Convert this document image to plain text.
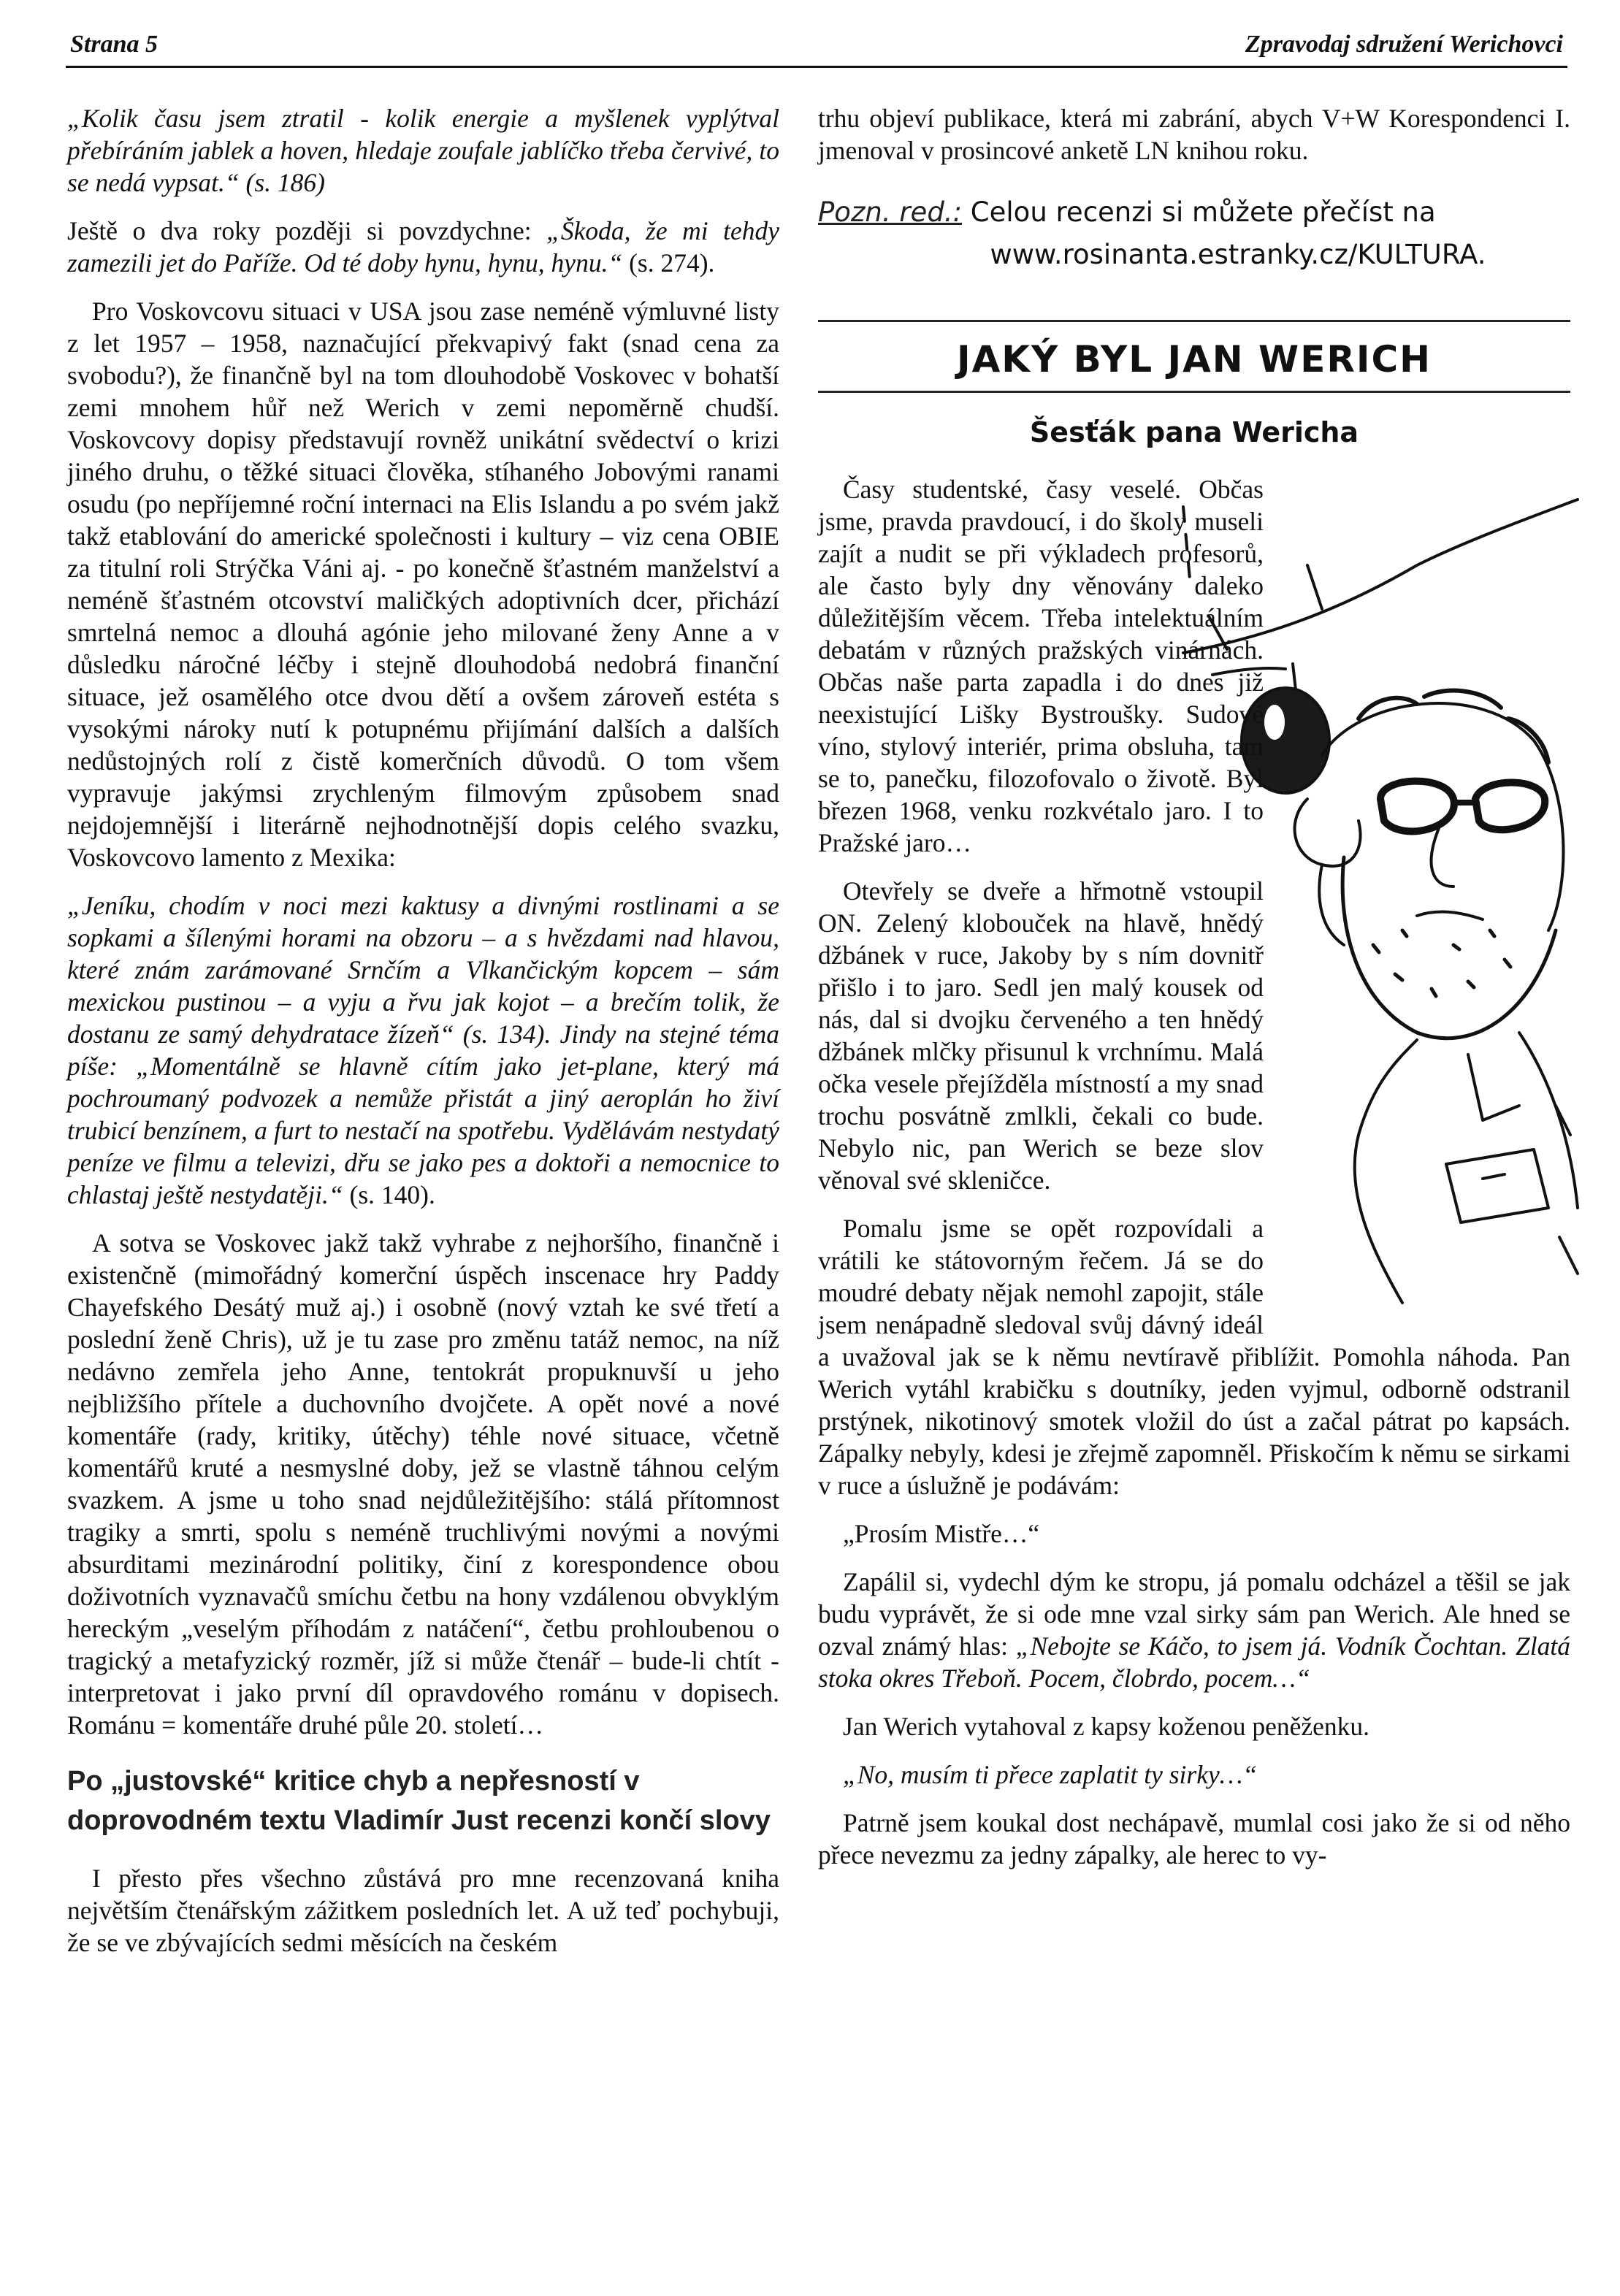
Strana 5	Zpravodaj sdružení Werichovci

„Kolik času jsem ztratil - kolik energie a myšlenek vyplýtval přebíráním jablek a hoven, hledaje zoufale jablíčko třeba červivé, to se nedá vypsat.“ (s. 186)

Ještě o dva roky později si povzdychne: „Škoda, že mi tehdy zamezili jet do Paříže. Od té doby hynu, hynu, hynu.“ (s. 274).

Pro Voskovcovu situaci v USA jsou zase neméně výmluvné listy z let 1957 – 1958, naznačující překvapivý fakt (snad cena za svobodu?), že finančně byl na tom dlouhodobě Voskovec v bohatší zemi mnohem hůř než Werich v zemi nepoměrně chudší. Voskovcovy dopisy představují rovněž unikátní svědectví o krizi jiného druhu, o těžké situaci člověka, stíhaného Jobovými ranami osudu (po nepříjemné roční internaci na Elis Islandu a po svém jakž takž etablování do americké společnosti i kultury – viz cena OBIE za titulní roli Strýčka Váni aj. - po konečně šťastném manželství a neméně šťastném otcovství maličkých adoptivních dcer, přichází smrtelná nemoc a dlouhá agónie jeho milované ženy Anne a v důsledku náročné léčby i stejně dlouhodobá nedobrá finanční situace, jež osamělého otce dvou dětí a ovšem zároveň estéta s vysokými nároky nutí k potupnému přijímání dalších a dalších nedůstojných rolí z čistě komerčních důvodů. O tom všem vypravuje jakýmsi zrychleným filmovým způsobem snad nejdojemnější i literárně nejhodnotnější dopis celého svazku, Voskovcovo lamento z Mexika:

„Jeníku, chodím v noci mezi kaktusy a divnými rostlinami a se sopkami a šílenými horami na obzoru – a s hvězdami nad hlavou, které znám zarámované Srnčím a Vlkančickým kopcem – sám mexickou pustinou – a vyju a řvu jak kojot – a brečím tolik, že dostanu ze samý dehydratace žízeň“ (s. 134). Jindy na stejné téma píše: „Momentálně se hlavně cítím jako jet-plane, který má pochroumaný podvozek a nemůže přistát a jiný aeroplán ho živí trubicí benzínem, a furt to nestačí na spotřebu. Vydělávám nestydatý peníze ve filmu a televizi, dřu se jako pes a doktoři a nemocnice to chlastaj ještě nestydatěji.“ (s. 140).

A sotva se Voskovec jakž takž vyhrabe z nejhoršího, finančně i existenčně (mimořádný komerční úspěch inscenace hry Paddy Chayefského Desátý muž aj.) i osobně (nový vztah ke své třetí a poslední ženě Chris), už je tu zase pro změnu tatáž nemoc, na níž nedávno zemřela jeho Anne, tentokrát propuknuvší u jeho nejbližšího přítele a duchovního dvojčete. A opět nové a nové komentáře (rady, kritiky, útěchy) téhle nové situace, včetně komentářů kruté a nesmyslné doby, jež se vlastně táhnou celým svazkem. A jsme u toho snad nejdůležitějšího: stálá přítomnost tragiky a smrti, spolu s neméně truchlivými novými a novými absurditami mezinárodní politiky, činí z korespondence obou doživotních vyznavačů smíchu četbu na hony vzdálenou obvyklým hereckým „veselým příhodám z natáčení“, četbu prohloubenou o tragický a metafyzický rozměr, jíž si může čtenář – bude-li chtít - interpretovat i jako první díl opravdového románu v dopisech. Románu = komentáře druhé půle 20. století…

Po „justovské“ kritice chyb a nepřesností v doprovodném textu Vladimír Just recenzi končí slovy

I přesto přes všechno zůstává pro mne recenzovaná kniha největším čtenářským zážitkem posledních let. A už teď pochybuji, že se ve zbývajících sedmi měsících na českém

trhu objeví publikace, která mi zabrání, abych V+W Korespondenci I. jmenoval v prosincové anketě LN knihou roku.

Pozn. red.: Celou recenzi si můžete přečíst na
www.rosinanta.estranky.cz/KULTURA.
JAKÝ BYL JAN WERICH
Šesťák pana Wericha

Časy studentské, časy veselé. Občas jsme, pravda pravdoucí, i do školy museli zajít a nudit se při výkladech profesorů, ale často byly dny věnovány daleko důležitějším věcem. Třeba intelektuálním debatám v různých pražských vinárnách. Občas naše parta zapadla i do dnes již neexistující Lišky Bystroušky. Sudové víno, stylový interiér, prima obsluha, tam se to, panečku, filozofovalo o životě. Byl březen 1968, venku rozkvétalo jaro. I to Pražské jaro…

Otevřely se dveře a hřmotně vstoupil ON. Zelený klobouček na hlavě, hnědý džbánek v ruce, Jakoby by s ním dovnitř přišlo i to jaro. Sedl jen malý kousek od nás, dal si dvojku červeného a ten hnědý džbánek mlčky přisunul k vrchnímu. Malá očka vesele přejížděla místností a my snad trochu posvátně zmlkli, čekali co bude. Nebylo nic, pan Werich se beze slov věnoval své skleničce.

Pomalu jsme se opět rozpovídali a vrátili ke státovorným řečem. Já se do moudré debaty nějak nemohl zapojit, stále jsem nenápadně sledoval svůj dávný ideál a uvažoval jak se k němu nevtíravě přiblížit. Pomohla náhoda. Pan Werich vytáhl krabičku s doutníky, jeden vyjmul, odborně odstranil prstýnek, nikotinový smotek vložil do úst a začal pátrat po kapsách. Zápalky nebyly, kdesi je zřejmě zapomněl. Přiskočím k němu se sirkami v ruce a úslužně je podávám:

„Prosím Mistře…“

Zapálil si, vydechl dým ke stropu, já pomalu odcházel a těšil se jak budu vyprávět, že si ode mne vzal sirky sám pan Werich. Ale hned se ozval známý hlas: „Nebojte se Káčo, to jsem já. Vodník Čochtan. Zlatá stoka okres Třeboň. Pocem, člobrdo, pocem…“

Jan Werich vytahoval z kapsy koženou peněženku.

„No, musím ti přece zaplatit ty sirky…“

Patrně jsem koukal dost nechápavě, mumlal cosi jako že si od něho přece nevezmu za jedny zápalky, ale herec to vy-
